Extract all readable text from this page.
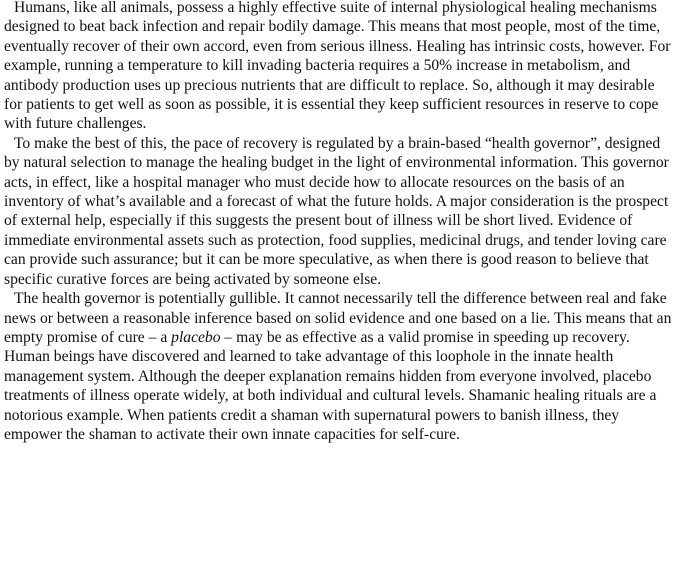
Humans, like all animals, possess a highly effective suite of internal physiological healing mechanisms designed to beat back infection and repair bodily damage. This means that most people, most of the time, eventually recover of their own accord, even from serious illness. Healing has intrinsic costs, however. For example, running a temperature to kill invading bacteria requires a 50% increase in metabolism, and antibody production uses up precious nutrients that are difficult to replace. So, although it may desirable for patients to get well as soon as possible, it is essential they keep sufficient resources in reserve to cope with future challenges.

To make the best of this, the pace of recovery is regulated by a brain-based “health governor”, designed by natural selection to manage the healing budget in the light of environmental information. This governor acts, in effect, like a hospital manager who must decide how to allocate resources on the basis of an inventory of what’s available and a forecast of what the future holds. A major consideration is the prospect of external help, especially if this suggests the present bout of illness will be short lived. Evidence of immediate environmental assets such as protection, food supplies, medicinal drugs, and tender loving care can provide such assurance; but it can be more speculative, as when there is good reason to believe that specific curative forces are being activated by someone else.

The health governor is potentially gullible. It cannot necessarily tell the difference between real and fake news or between a reasonable inference based on solid evidence and one based on a lie. This means that an empty promise of cure – a placebo – may be as effective as a valid promise in speeding up recovery. Human beings have discovered and learned to take advantage of this loophole in the innate health management system. Although the deeper explanation remains hidden from everyone involved, placebo treatments of illness operate widely, at both individual and cultural levels. Shamanic healing rituals are a notorious example. When patients credit a shaman with supernatural powers to banish illness, they empower the shaman to activate their own innate capacities for self-cure.
